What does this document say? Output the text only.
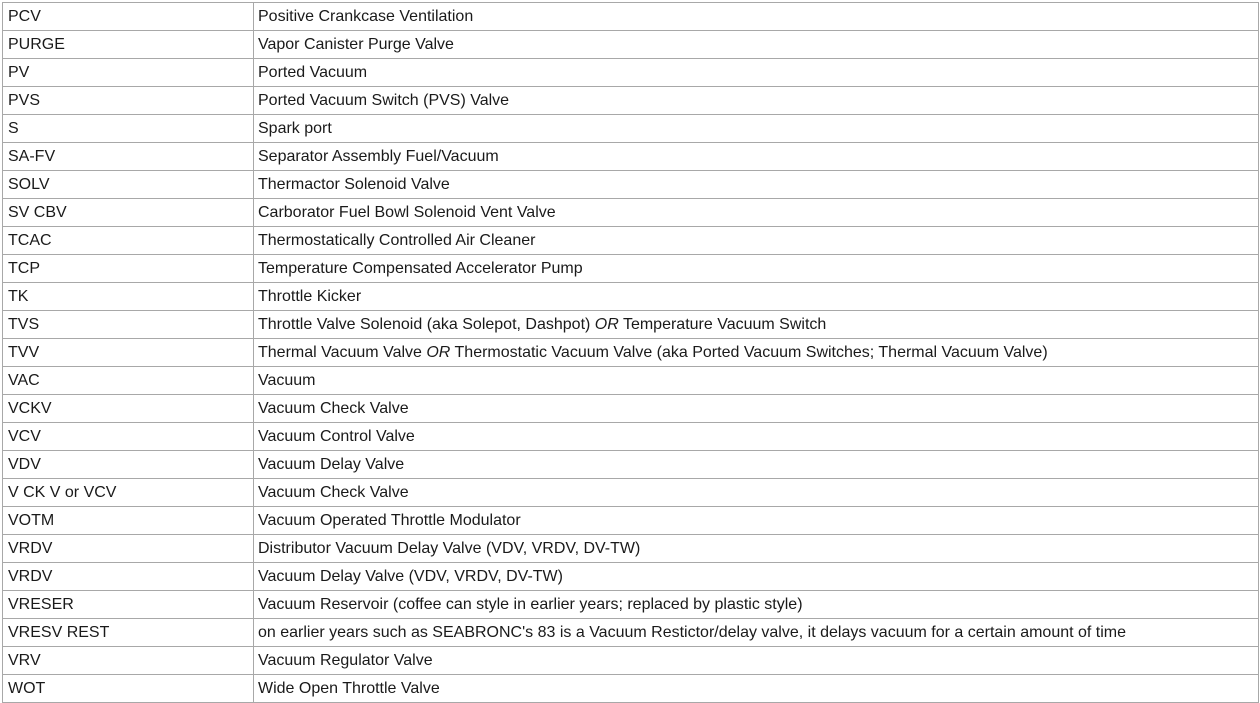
PCV	Positive Crankcase Ventilation
PURGE	Vapor Canister Purge Valve
PV	Ported Vacuum
PVS	Ported Vacuum Switch (PVS) Valve
S	Spark port
SA-FV	Separator Assembly Fuel/Vacuum
SOLV	Thermactor Solenoid Valve
SV CBV	Carborator Fuel Bowl Solenoid Vent Valve
TCAC	Thermostatically Controlled Air Cleaner
TCP	Temperature Compensated Accelerator Pump
TK	Throttle Kicker
TVS	Throttle Valve Solenoid (aka Solepot, Dashpot) OR Temperature Vacuum Switch
TVV	Thermal Vacuum Valve OR Thermostatic Vacuum Valve (aka Ported Vacuum Switches; Thermal Vacuum Valve)
VAC	Vacuum
VCKV	Vacuum Check Valve
VCV	Vacuum Control Valve
VDV	Vacuum Delay Valve
V CK V or VCV	Vacuum Check Valve
VOTM	Vacuum Operated Throttle Modulator
VRDV	Distributor Vacuum Delay Valve (VDV, VRDV, DV-TW)
VRDV	Vacuum Delay Valve (VDV, VRDV, DV-TW)
VRESER	Vacuum Reservoir (coffee can style in earlier years; replaced by plastic style)
VRESV REST	on earlier years such as SEABRONC's 83 is a Vacuum Restictor/delay valve, it delays vacuum for a certain amount of time
VRV	Vacuum Regulator Valve
WOT	Wide Open Throttle Valve
